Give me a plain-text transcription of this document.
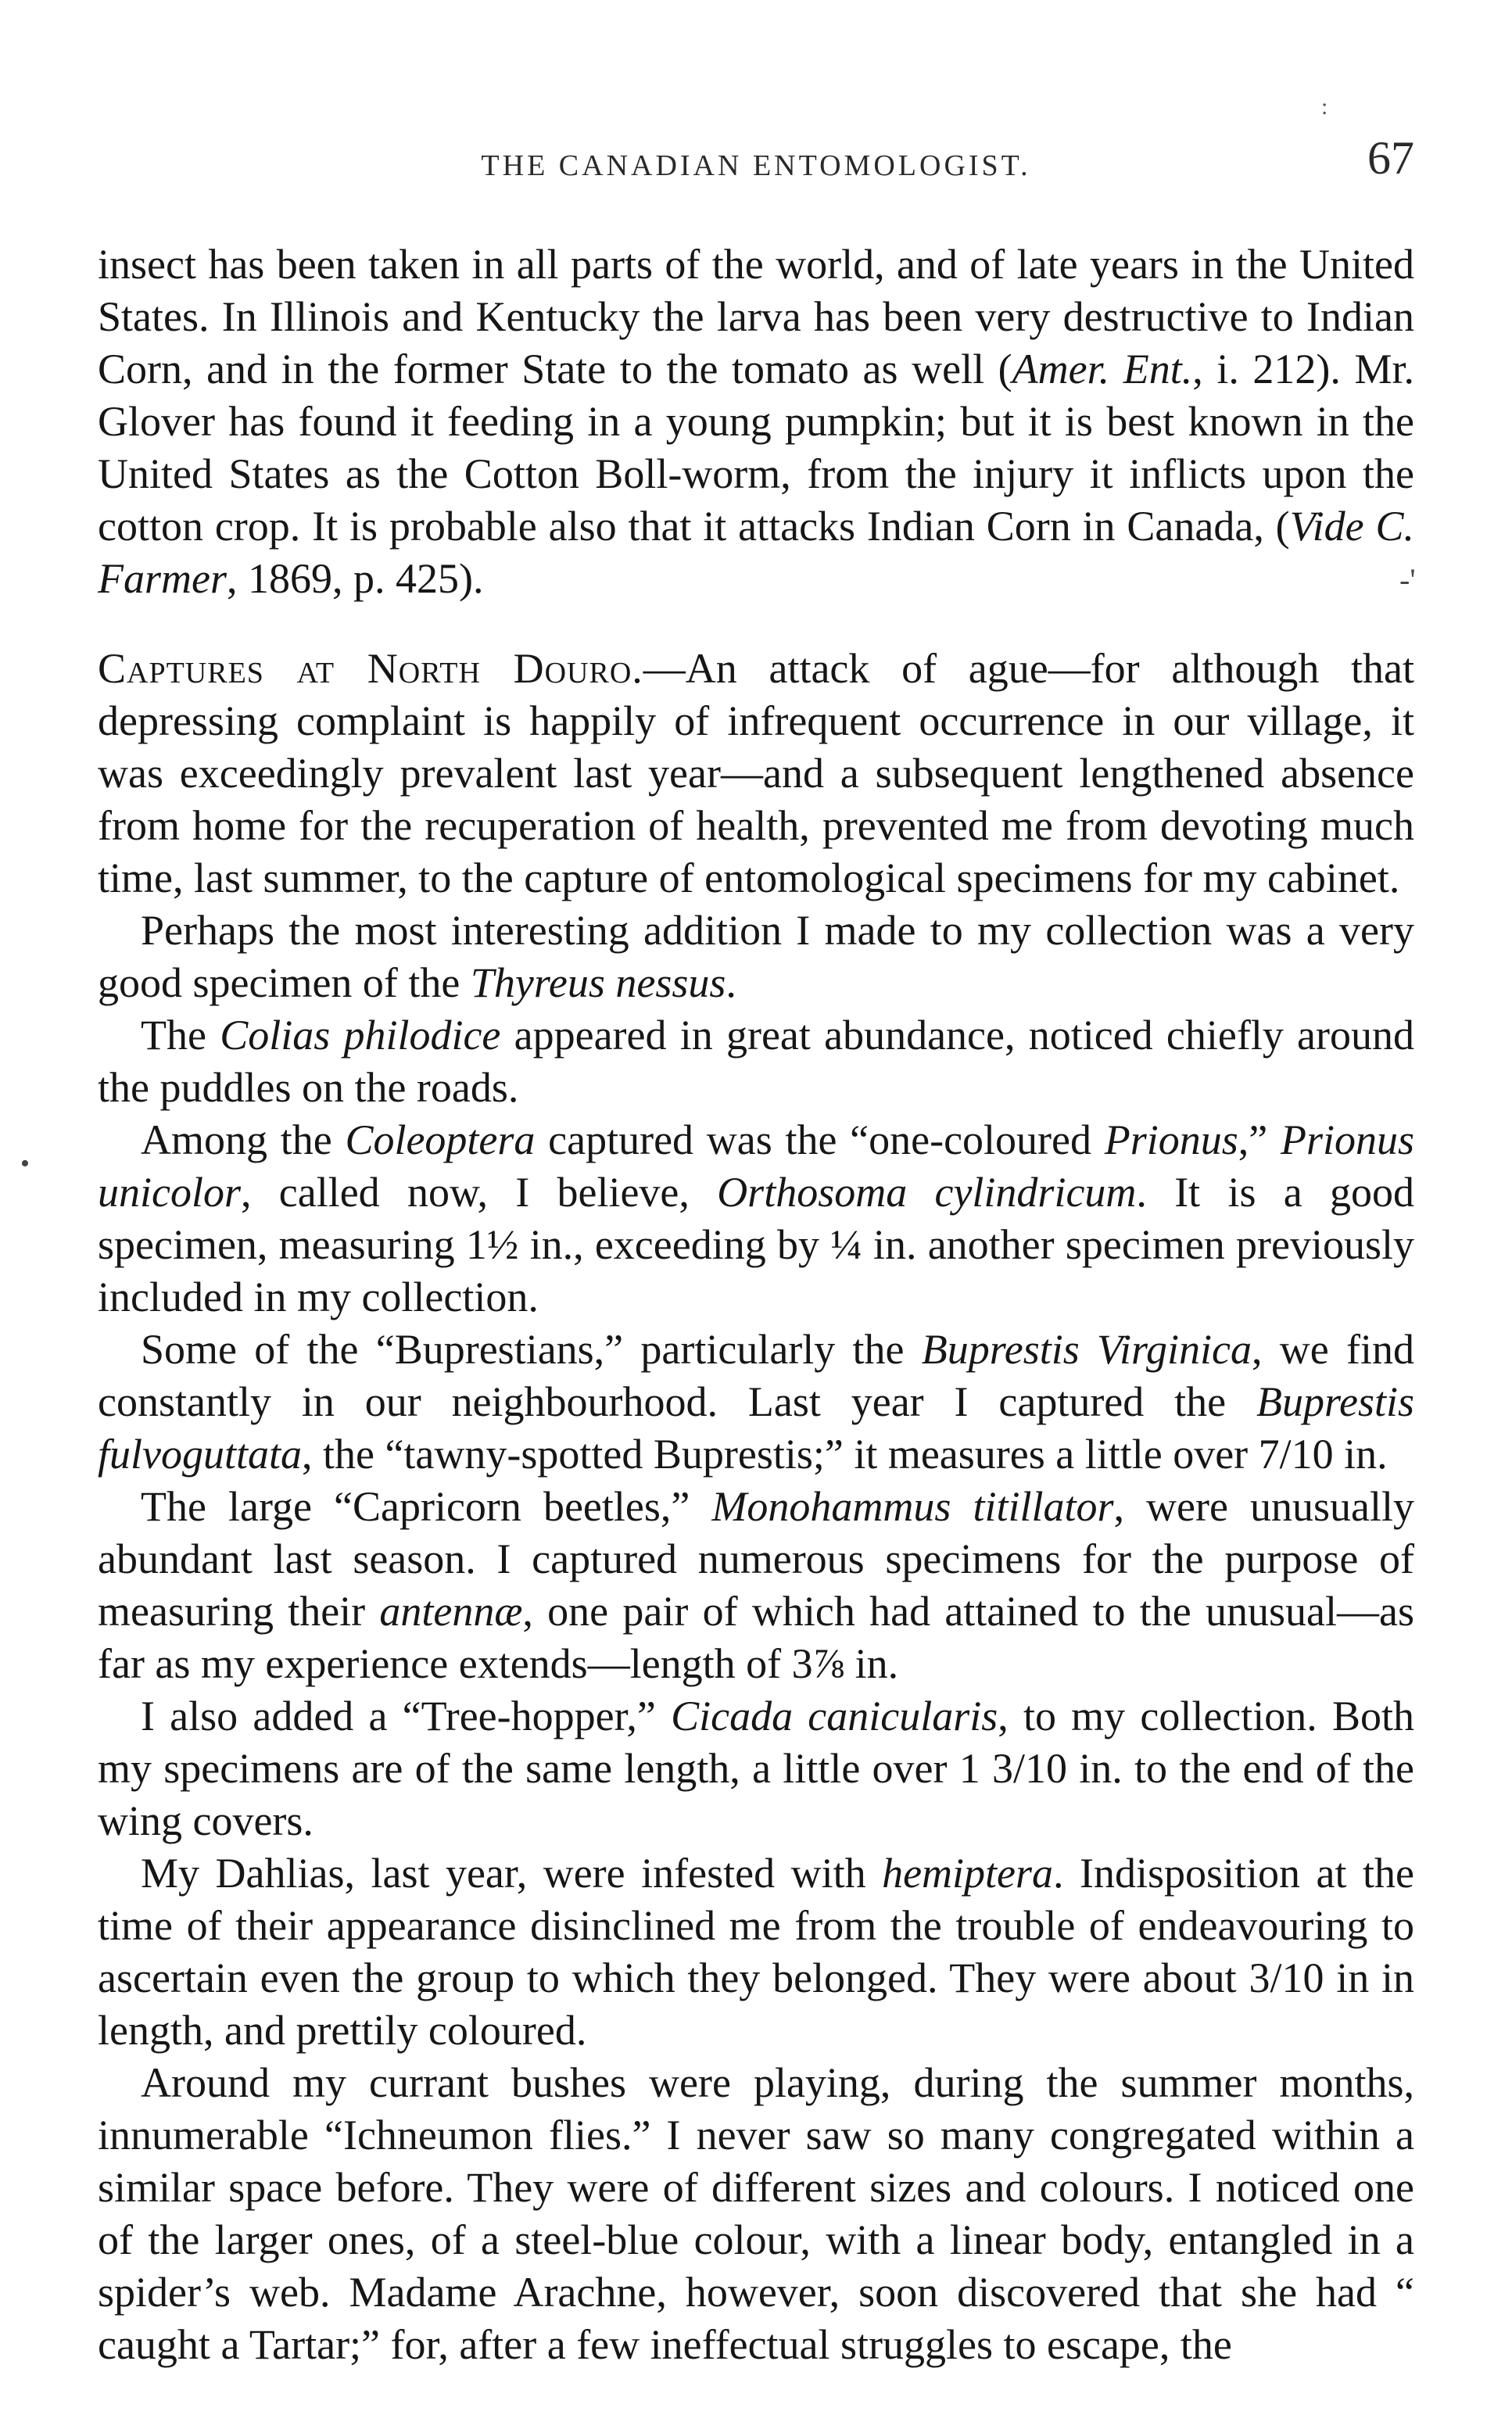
:
•
-'
THE CANADIAN ENTOMOLOGIST.	67

insect has been taken in all parts of the world, and of late years in the United States. In Illinois and Kentucky the larva has been very destructive to Indian Corn, and in the former State to the tomato as well (Amer. Ent., i. 212). Mr. Glover has found it feeding in a young pumpkin; but it is best known in the United States as the Cotton Boll-worm, from the injury it inflicts upon the cotton crop. It is probable also that it attacks Indian Corn in Canada, (Vide C. Farmer, 1869, p. 425).

Captures at North Douro.—An attack of ague—for although that depressing complaint is happily of infrequent occurrence in our village, it was exceedingly prevalent last year—and a subsequent lengthened absence from home for the recuperation of health, prevented me from devoting much time, last summer, to the capture of entomological specimens for my cabinet.

Perhaps the most interesting addition I made to my collection was a very good specimen of the Thyreus nessus.

The Colias philodice appeared in great abundance, noticed chiefly around the puddles on the roads.

Among the Coleoptera captured was the “one-coloured Prionus,” Prionus unicolor, called now, I believe, Orthosoma cylindricum. It is a good specimen, measuring 1½ in., exceeding by ¼ in. another specimen previously included in my collection.

Some of the “Buprestians,” particularly the Buprestis Virginica, we find constantly in our neighbourhood. Last year I captured the Buprestis fulvoguttata, the “tawny-spotted Buprestis;” it measures a little over 7/10 in.

The large “Capricorn beetles,” Monohammus titillator, were unusually abundant last season. I captured numerous specimens for the purpose of measuring their antennæ, one pair of which had attained to the unusual—as far as my experience extends—length of 3⅞ in.

I also added a “Tree-hopper,” Cicada canicularis, to my collection. Both my specimens are of the same length, a little over 1 3/10 in. to the end of the wing covers.

My Dahlias, last year, were infested with hemiptera. Indisposition at the time of their appearance disinclined me from the trouble of endeavouring to ascertain even the group to which they belonged. They were about 3/10 in in length, and prettily coloured.

Around my currant bushes were playing, during the summer months, innumerable “Ichneumon flies.” I never saw so many congregated within a similar space before. They were of different sizes and colours. I noticed one of the larger ones, of a steel-blue colour, with a linear body, entangled in a spider’s web. Madame Arachne, however, soon discovered that she had “ caught a Tartar;” for, after a few ineffectual struggles to escape, the
